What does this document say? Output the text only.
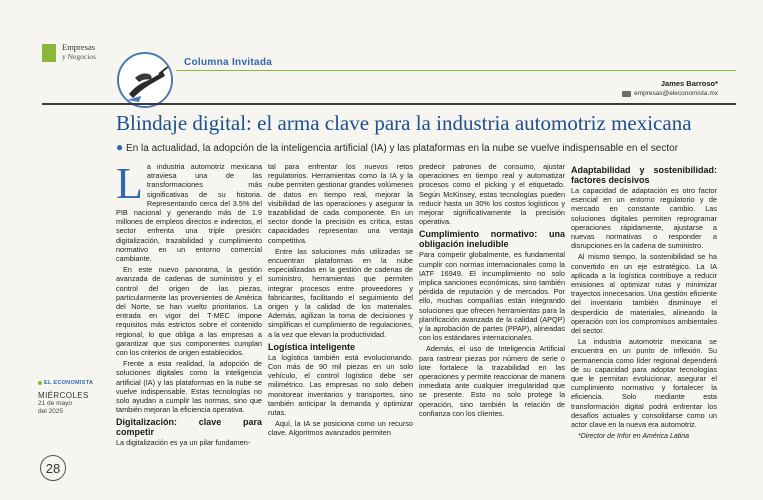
Empresas
y Negocios
Columna Invitada
James Barroso*
empresas@eleconomista.mx
Blindaje digital: el arma clave para la industria automotriz mexicana
● En la actualidad, la adopción de la inteligencia artificial (IA) y las plataformas en la nube se vuelve indispensable en el sector
EL ECONOMISTA
MIÉRCOLES
21 de mayo
del 2025
28
L a industria automotriz mexicana atraviesa una de las transformaciones más significativas de su historia. Representando cerca del 3.5% del PIB nacional y generando más de 1.9 millones de empleos directos e indirectos, el sector enfrenta una triple presión: digitalización, trazabilidad y cumplimiento normativo en un entorno comercial cambiante.

En este nuevo panorama, la gestión avanzada de cadenas de suministro y el control del origen de las piezas, particularmente las provenientes de América del Norte, se han vuelto prioritarios. La entrada en vigor del T-MEC impone requisitos más estrictos sobre el contenido regional, lo que obliga a las empresas a garantizar que sus componentes cumplan con los criterios de origen establecidos.

Frente a esta realidad, la adopción de soluciones digitales como la inteligencia artificial (IA) y las plataformas en la nube se vuelve indispensable. Estas tecnologías no solo ayudan a cumplir las normas, sino que también mejoran la eficiencia operativa.

Digitalización: clave para competir

La digitalización es ya un pilar fundamen-

tal para enfrentar los nuevos retos regulatorios. Herramientas como la IA y la nube permiten gestionar grandes volúmenes de datos en tiempo real, mejorar la visibilidad de las operaciones y asegurar la trazabilidad de cada componente. En un sector donde la precisión es crítica, estas capacidades representan una ventaja competitiva.

Entre las soluciones más utilizadas se encuentran plataformas en la nube especializadas en la gestión de cadenas de suministro, herramientas que permiten integrar procesos entre proveedores y fabricantes, facilitando el seguimiento del origen y la calidad de los materiales. Además, agilizan la toma de decisiones y simplifican el cumplimiento de regulaciones, a la vez que elevan la productividad.

Logística inteligente

La logística también está evolucionando. Con más de 90 mil piezas en un solo vehículo, el control logístico debe ser milimétrico. Las empresas no solo deben monitorear inventarios y transportes, sino también anticipar la demanda y optimizar rutas.

Aquí, la IA se posiciona como un recurso clave. Algoritmos avanzados permiten

predecir patrones de consumo, ajustar operaciones en tiempo real y automatizar procesos como el picking y el etiquetado. Según McKinsey, estas tecnologías pueden reducir hasta un 30% los costos logísticos y mejorar significativamente la precisión operativa.

Cumplimiento normativo: una obligación ineludible

Para competir globalmente, es fundamental cumplir con normas internacionales como la IATF 16949. El incumplimiento no solo implica sanciones económicas, sino también pérdida de reputación y de mercados. Por ello, muchas compañías están integrando soluciones que ofrecen herramientas para la planificación avanzada de la calidad (APQP) y la aprobación de partes (PPAP), alineadas con los estándares internacionales.

Además, el uso de Inteligencia Artificial para rastrear piezas por número de serie o lote fortalece la trazabilidad en las operaciones y permite reaccionar de manera inmediata ante cualquier irregularidad que se presente. Esto no solo protege la operación, sino también la relación de confianza con los clientes.

Adaptabilidad y sostenibilidad: factores decisivos

La capacidad de adaptación es otro factor esencial en un entorno regulatorio y de mercado en constante cambio. Las soluciones digitales permiten reprogramar operaciones rápidamente, ajustarse a nuevas normativas o responder a disrupciones en la cadena de suministro.

Al mismo tiempo, la sostenibilidad se ha convertido en un eje estratégico. La IA aplicada a la logística contribuye a reducir emisiones al optimizar rutas y minimizar trayectos innecesarios. Una gestión eficiente del inventario también disminuye el desperdicio de materiales, alineando la operación con los compromisos ambientales del sector.

La industria automotriz mexicana se encuentra en un punto de inflexión. Su permanencia como líder regional dependerá de su capacidad para adoptar tecnologías que le permitan evolucionar, asegurar el cumplimiento normativo y fortalecer la eficiencia. Solo mediante esta transformación digital podrá enfrentar los desafíos actuales y consolidarse como un actor clave en la nueva era automotriz.

*Director de Infor en América Latina
